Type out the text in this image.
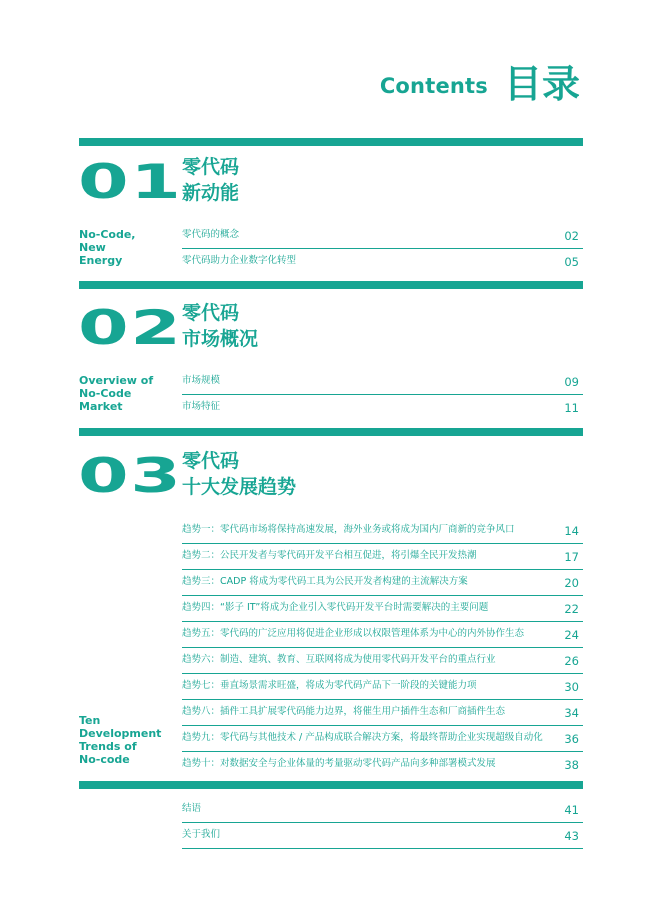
Contents 目录
01 零代码
新动能
No-Code,
New
Energy
零代码的概念	02
零代码助力企业数字化转型	05
02 零代码
市场概况
Overview of
No-Code
Market
市场规模	09
市场特征	11
03 零代码
十大发展趋势
Ten
Development
Trends of
No-code
趋势一：零代码市场将保持高速发展，海外业务或将成为国内厂商新的竞争风口	14
趋势二：公民开发者与零代码开发平台相互促进，将引爆全民开发热潮	17
趋势三：CADP 将成为零代码工具为公民开发者构建的主流解决方案	20
趋势四：“影子 IT”将成为企业引入零代码开发平台时需要解决的主要问题	22
趋势五：零代码的广泛应用将促进企业形成以权限管理体系为中心的内外协作生态	24
趋势六：制造、建筑、教育、互联网将成为使用零代码开发平台的重点行业	26
趋势七：垂直场景需求旺盛，将成为零代码产品下一阶段的关键能力项	30
趋势八：插件工具扩展零代码能力边界，将催生用户插件生态和厂商插件生态	34
趋势九：零代码与其他技术 / 产品构成联合解决方案，将最终帮助企业实现超级自动化 36
趋势十：对数据安全与企业体量的考量驱动零代码产品向多种部署模式发展	38
结语	41
关于我们	43
